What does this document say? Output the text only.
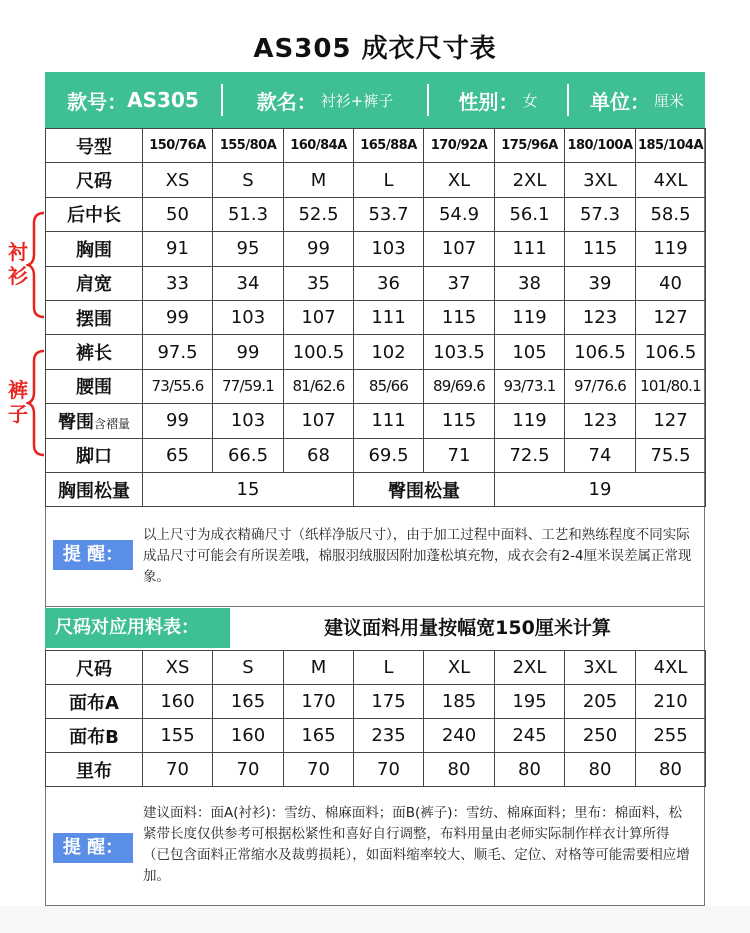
AS305 成衣尺寸表
款号： AS305	款名： 衬衫+裤子	性别： 女	单位： 厘米
号型	150/76A	155/80A	160/84A	165/88A	170/92A	175/96A	180/100A	185/104A
尺码	XS	S	M	L	XL	2XL	3XL	4XL
后中长	50	51.3	52.5	53.7	54.9	56.1	57.3	58.5
胸围	91	95	99	103	107	111	115	119
肩宽	33	34	35	36	37	38	39	40
摆围	99	103	107	111	115	119	123	127
裤长	97.5	99	100.5	102	103.5	105	106.5	106.5
腰围	73/55.6	77/59.1	81/62.6	85/66	89/69.6	93/73.1	97/76.6	101/80.1
臀围含褶量	99	103	107	111	115	119	123	127
脚口	65	66.5	68	69.5	71	72.5	74	75.5
胸围松量	15			臀围松量		19		
衬衫
裤子
提 醒：
以上尺寸为成衣精确尺寸（纸样净版尺寸），由于加工过程中面料、工艺和熟练程度不同实际成品尺寸可能会有所误差哦，棉服羽绒服因附加蓬松填充物，成衣会有2-4厘米误差属正常现象。
尺码对应用料表：	建议面料用量按幅宽150厘米计算
尺码	XS	S	M	L	XL	2XL	3XL	4XL
面布A	160	165	170	175	185	195	205	210
面布B	155	160	165	235	240	245	250	255
里布	70	70	70	70	80	80	80	80
提 醒：
建议面料：面A(衬衫)：雪纺、棉麻面料；面B(裤子)：雪纺、棉麻面料；里布：棉面料，松紧带长度仅供参考可根据松紧性和喜好自行调整，布料用量由老师实际制作样衣计算所得（已包含面料正常缩水及裁剪损耗），如面料缩率较大、顺毛、定位、对格等可能需要相应增加。
